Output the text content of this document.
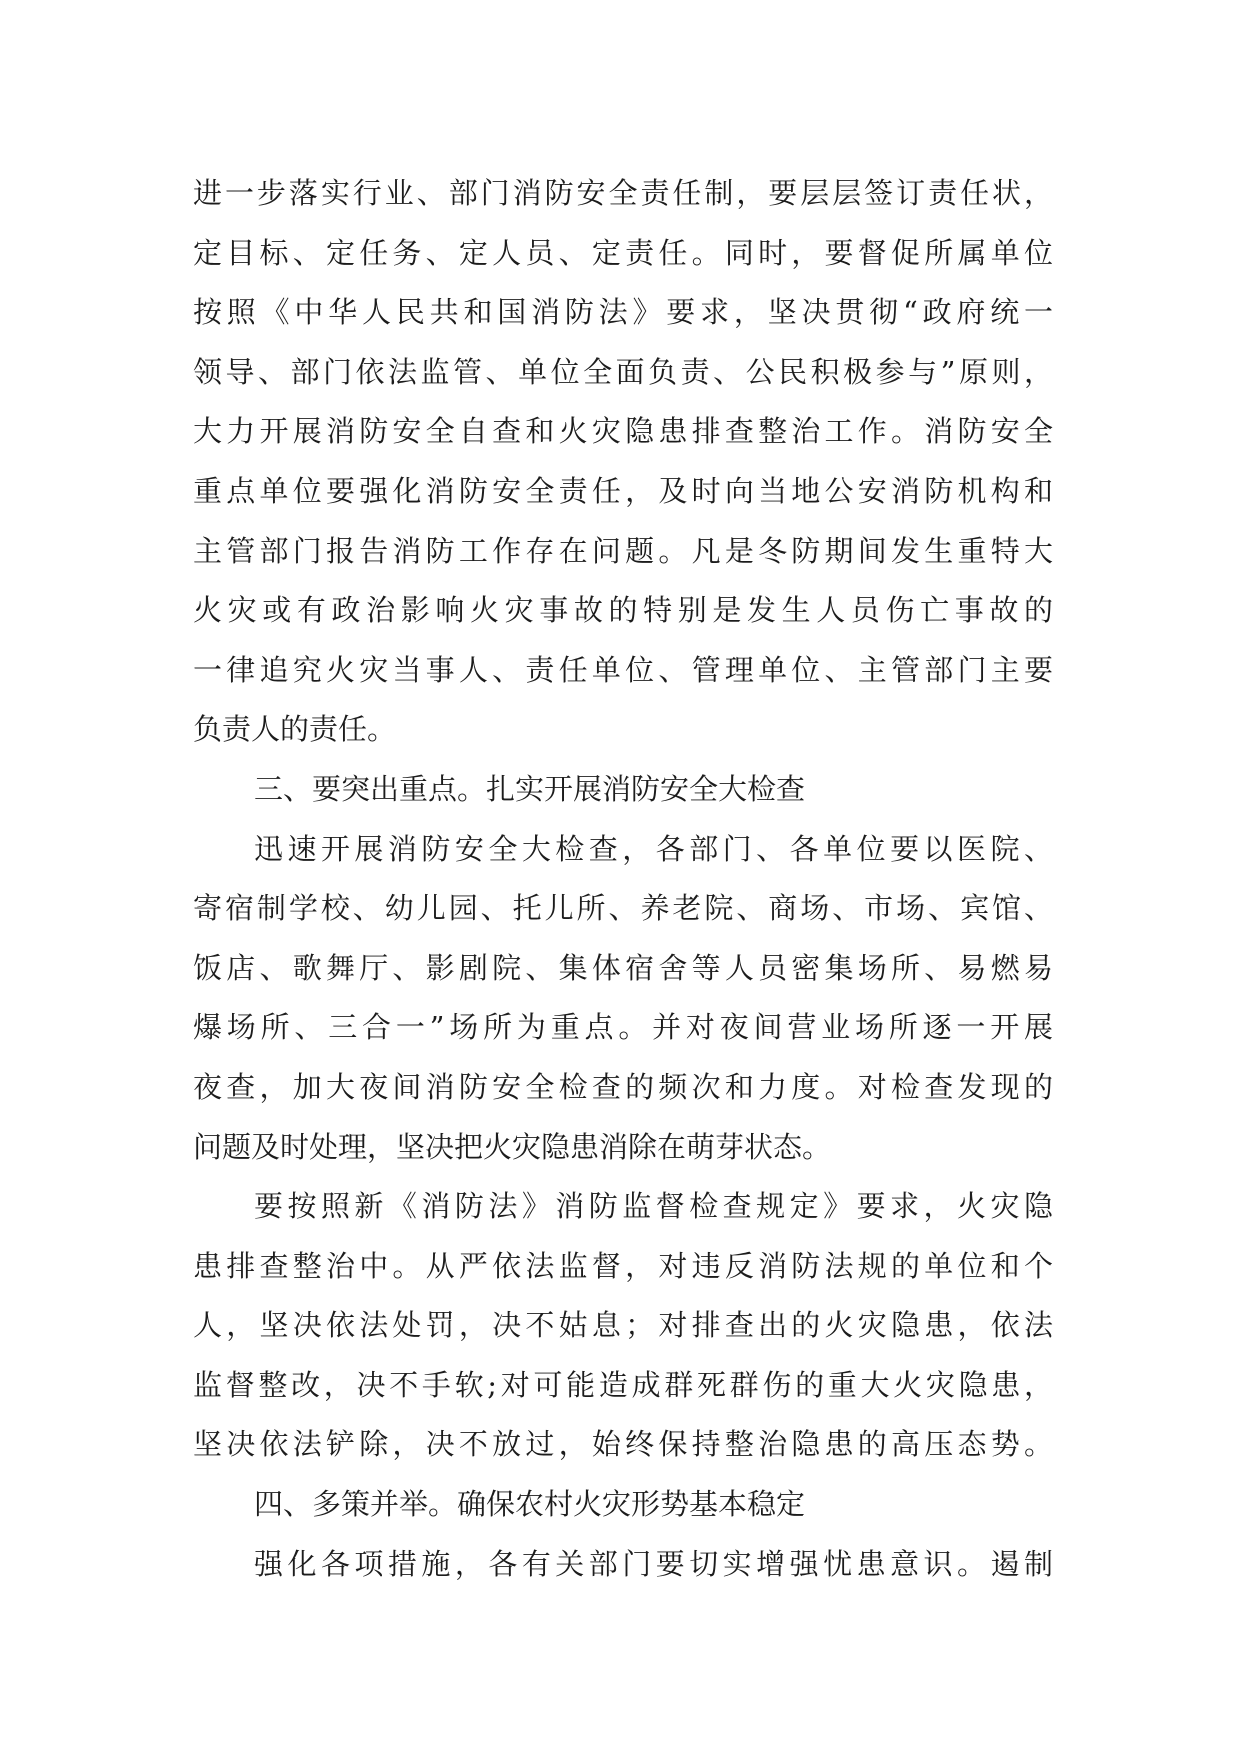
进一步落实行业、部门消防安全责任制，要层层签订责任状，
定目标、定任务、定人员、定责任。同时，要督促所属单位
按照《中华人民共和国消防法》要求，坚决贯彻“政府统一
领导、部门依法监管、单位全面负责、公民积极参与”原则，
大力开展消防安全自查和火灾隐患排查整治工作。消防安全
重点单位要强化消防安全责任，及时向当地公安消防机构和
主管部门报告消防工作存在问题。凡是冬防期间发生重特大
火灾或有政治影响火灾事故的特别是发生人员伤亡事故的
一律追究火灾当事人、责任单位、管理单位、主管部门主要
负责人的责任。
三、要突出重点。扎实开展消防安全大检查
迅速开展消防安全大检查，各部门、各单位要以医院、
寄宿制学校、幼儿园、托儿所、养老院、商场、市场、宾馆、
饭店、歌舞厅、影剧院、集体宿舍等人员密集场所、易燃易
爆场所、三合一”场所为重点。并对夜间营业场所逐一开展
夜查，加大夜间消防安全检查的频次和力度。对检查发现的
问题及时处理，坚决把火灾隐患消除在萌芽状态。
要按照新《消防法》消防监督检查规定》要求，火灾隐
患排查整治中。从严依法监督，对违反消防法规的单位和个
人，坚决依法处罚，决不姑息；对排查出的火灾隐患，依法
监督整改，决不手软;对可能造成群死群伤的重大火灾隐患，
坚决依法铲除，决不放过，始终保持整治隐患的高压态势。
四、多策并举。确保农村火灾形势基本稳定
强化各项措施，各有关部门要切实增强忧患意识。遏制
